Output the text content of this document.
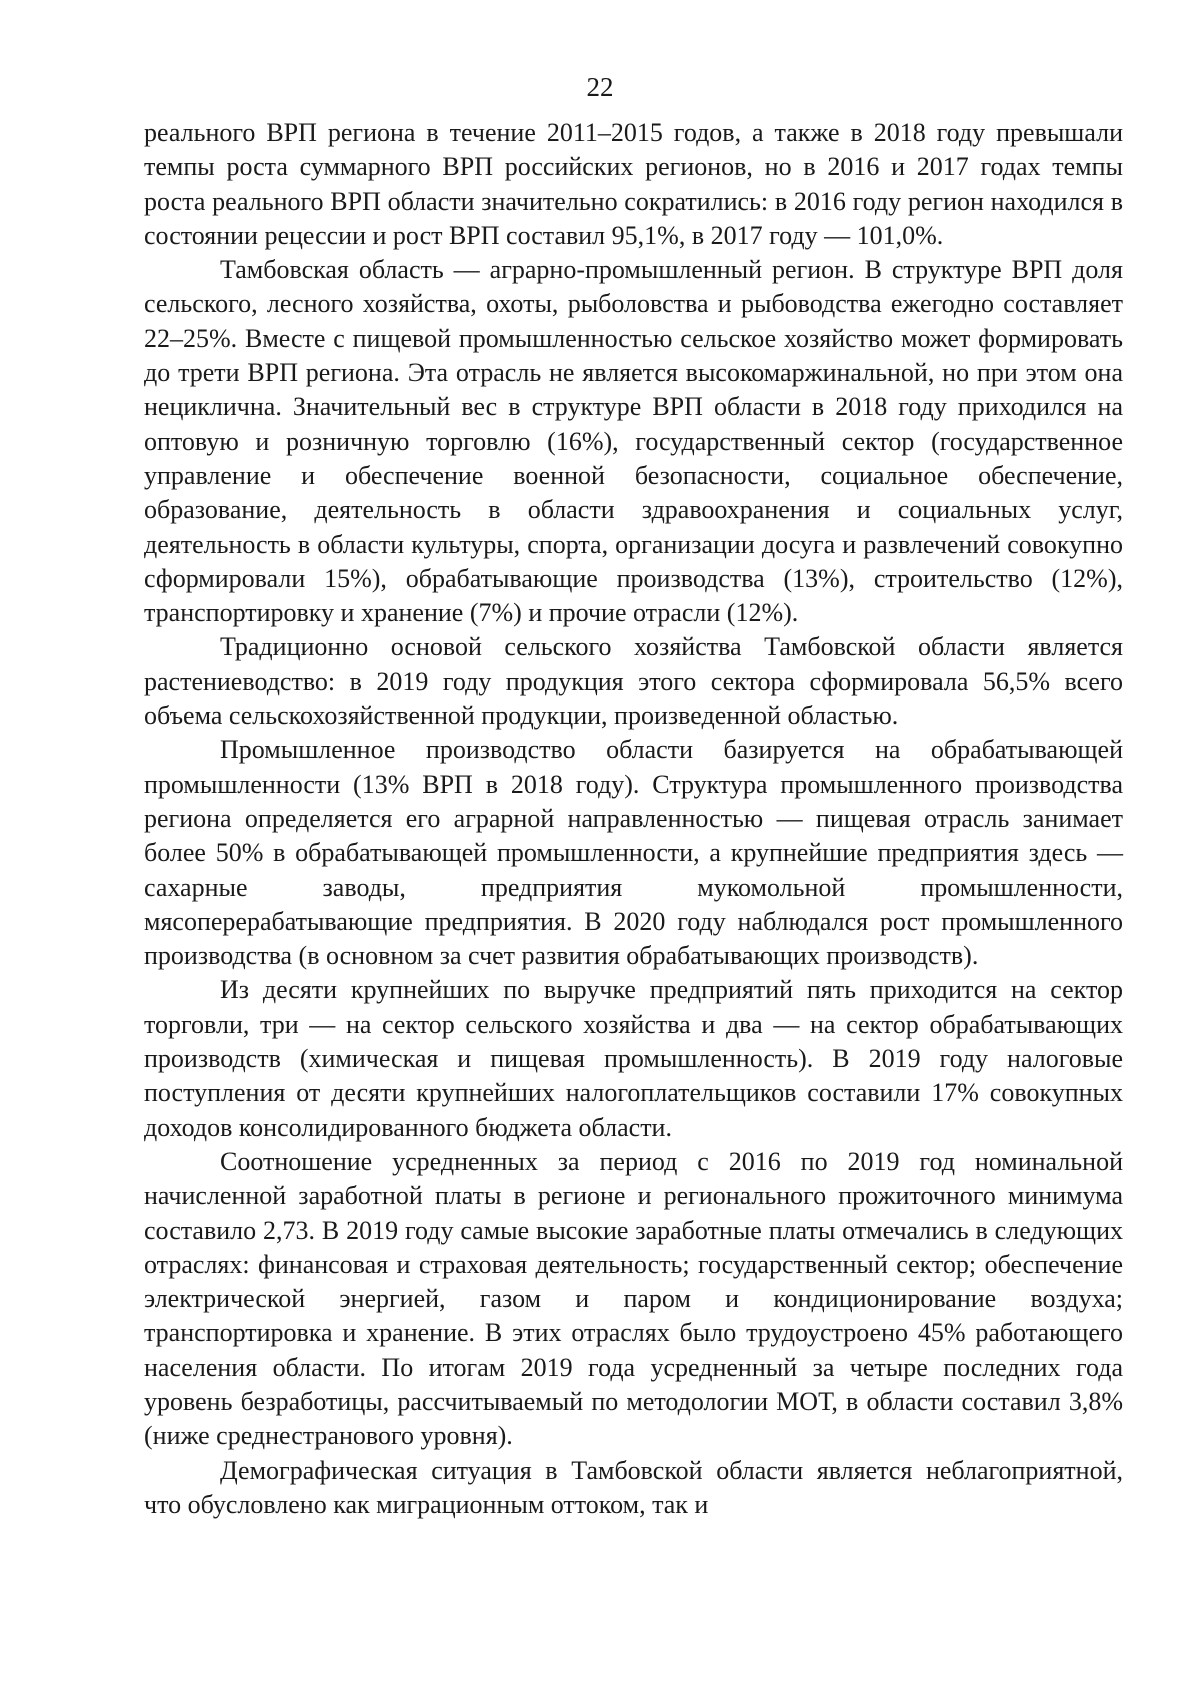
22

реального ВРП региона в течение 2011–2015 годов, а также в 2018 году превышали темпы роста суммарного ВРП российских регионов, но в 2016 и 2017 годах темпы роста реального ВРП области значительно сократились: в 2016 году регион находился в состоянии рецессии и рост ВРП составил 95,1%, в 2017 году — 101,0%.

Тамбовская область — аграрно-промышленный регион. В структуре ВРП доля сельского, лесного хозяйства, охоты, рыболовства и рыбоводства ежегодно составляет 22–25%. Вместе с пищевой промышленностью сельское хозяйство может формировать до трети ВРП региона. Эта отрасль не является высокомаржинальной, но при этом она нециклична. Значительный вес в структуре ВРП области в 2018 году приходился на оптовую и розничную торговлю (16%), государственный сектор (государственное управление и обеспечение военной безопасности, социальное обеспечение, образование, деятельность в области здравоохранения и социальных услуг, деятельность в области культуры, спорта, организации досуга и развлечений совокупно сформировали 15%), обрабатывающие производства (13%), строительство (12%), транспортировку и хранение (7%) и прочие отрасли (12%).

Традиционно основой сельского хозяйства Тамбовской области является растениеводство: в 2019 году продукция этого сектора сформировала 56,5% всего объема сельскохозяйственной продукции, произведенной областью.

Промышленное производство области базируется на обрабатывающей промышленности (13% ВРП в 2018 году). Структура промышленного производства региона определяется его аграрной направленностью — пищевая отрасль занимает более 50% в обрабатывающей промышленности, а крупнейшие предприятия здесь — сахарные заводы, предприятия мукомольной промышленности, мясоперерабатывающие предприятия. В 2020 году наблюдался рост промышленного производства (в основном за счет развития обрабатывающих производств).

Из десяти крупнейших по выручке предприятий пять приходится на сектор торговли, три — на сектор сельского хозяйства и два — на сектор обрабатывающих производств (химическая и пищевая промышленность). В 2019 году налоговые поступления от десяти крупнейших налогоплательщиков составили 17% совокупных доходов консолидированного бюджета области.

Соотношение усредненных за период с 2016 по 2019 год номинальной начисленной заработной платы в регионе и регионального прожиточного минимума составило 2,73. В 2019 году самые высокие заработные платы отмечались в следующих отраслях: финансовая и страховая деятельность; государственный сектор; обеспечение электрической энергией, газом и паром и кондиционирование воздуха; транспортировка и хранение. В этих отраслях было трудоустроено 45% работающего населения области. По итогам 2019 года усредненный за четыре последних года уровень безработицы, рассчитываемый по методологии МОТ, в области составил 3,8% (ниже среднестранового уровня).

Демографическая ситуация в Тамбовской области является неблагоприятной, что обусловлено как миграционным оттоком, так и
